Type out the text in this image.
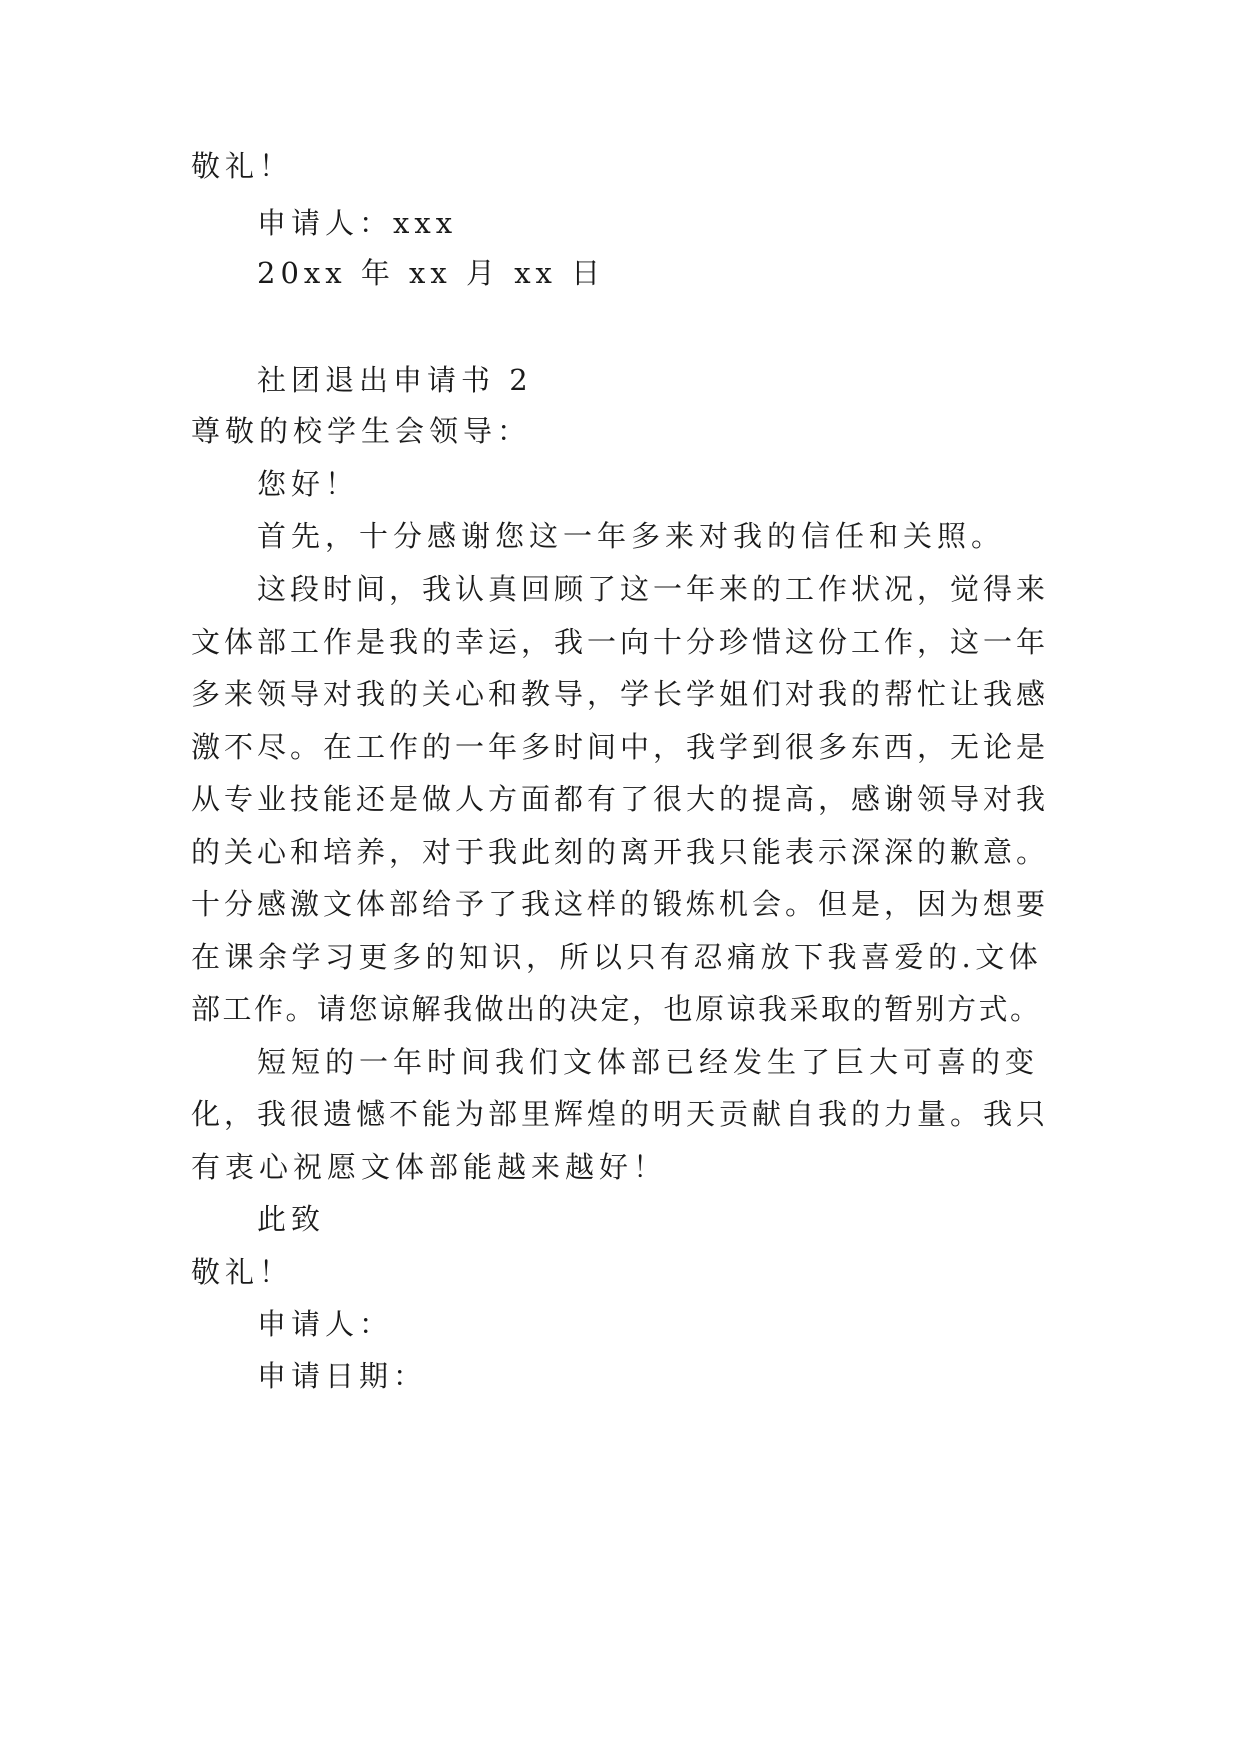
敬礼！
申请人：xxx
20xx 年 xx 月 xx 日
社团退出申请书 2
尊敬的校学生会领导：
您好！
首先，十分感谢您这一年多来对我的信任和关照。
这段时间，我认真回顾了这一年来的工作状况，觉得来
文体部工作是我的幸运，我一向十分珍惜这份工作，这一年
多来领导对我的关心和教导，学长学姐们对我的帮忙让我感
激不尽。在工作的一年多时间中，我学到很多东西，无论是
从专业技能还是做人方面都有了很大的提高，感谢领导对我
的关心和培养，对于我此刻的离开我只能表示深深的歉意。
十分感激文体部给予了我这样的锻炼机会。但是，因为想要
在课余学习更多的知识，所以只有忍痛放下我喜爱的.文体
部工作。请您谅解我做出的决定，也原谅我采取的暂别方式。
短短的一年时间我们文体部已经发生了巨大可喜的变
化，我很遗憾不能为部里辉煌的明天贡献自我的力量。我只
有衷心祝愿文体部能越来越好！
此致
敬礼！
申请人：
申请日期：
